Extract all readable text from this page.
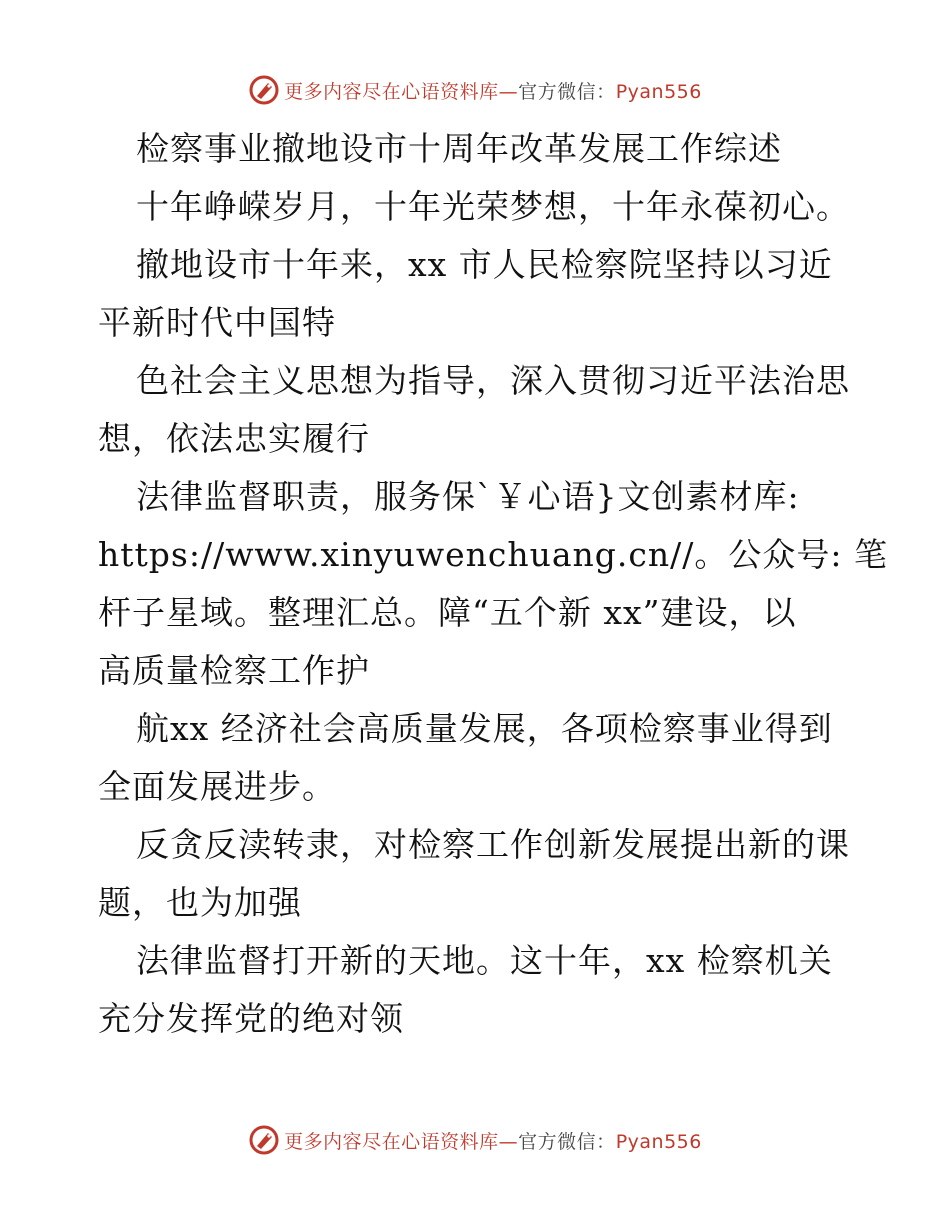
更多内容尽在心语资料库—官方微信：Pyan556
检察事业撤地设市十周年改革发展工作综述
十年峥嵘岁月，十年光荣梦想，十年永葆初心。
撤地设市十年来，xx 市人民检察院坚持以习近
平新时代中国特
色社会主义思想为指导，深入贯彻习近平法治思
想，依法忠实履行
法律监督职责，服务保`￥心语}文创素材库:
https://www.xinyuwenchuang.cn//。公众号: 笔
杆子星域。整理汇总。障“五个新 xx”建设，以
高质量检察工作护
航xx 经济社会高质量发展，各项检察事业得到
全面发展进步。
反贪反渎转隶，对检察工作创新发展提出新的课
题，也为加强
法律监督打开新的天地。这十年，xx 检察机关
充分发挥党的绝对领
更多内容尽在心语资料库—官方微信：Pyan556
